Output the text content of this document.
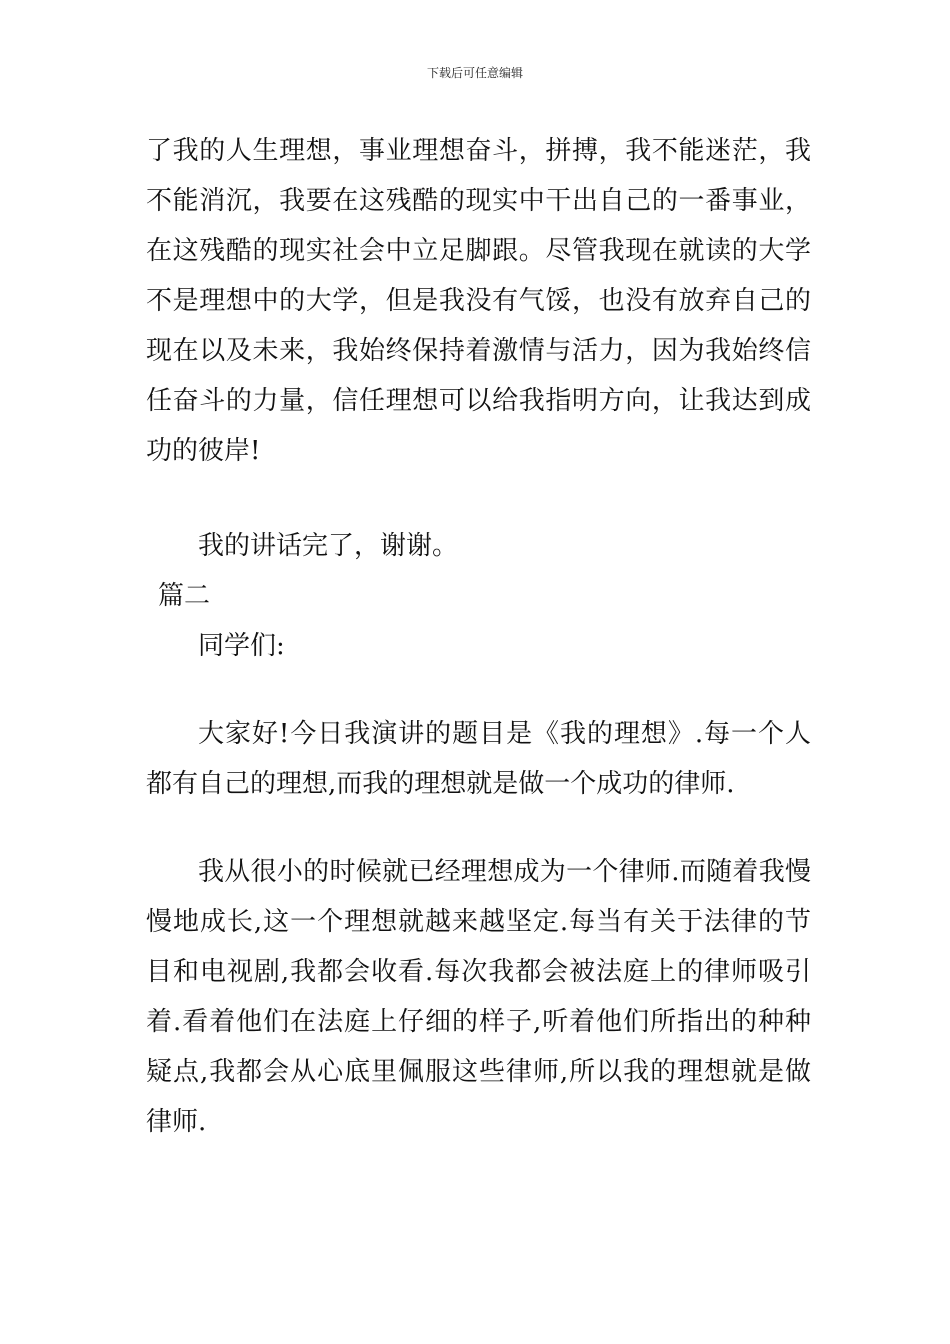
下载后可任意编辑

了我的人生理想，事业理想奋斗，拼搏，我不能迷茫，我不能消沉，我要在这残酷的现实中干出自己的一番事业，在这残酷的现实社会中立足脚跟。尽管我现在就读的大学不是理想中的大学，但是我没有气馁，也没有放弃自己的现在以及未来，我始终保持着激情与活力，因为我始终信任奋斗的力量，信任理想可以给我指明方向，让我达到成功的彼岸!

我的讲话完了，谢谢。

篇二

同学们:

大家好!今日我演讲的题目是《我的理想》.每一个人都有自己的理想,而我的理想就是做一个成功的律师.

我从很小的时候就已经理想成为一个律师.而随着我慢慢地成长,这一个理想就越来越坚定.每当有关于法律的节目和电视剧,我都会收看.每次我都会被法庭上的律师吸引着.看着他们在法庭上仔细的样子,听着他们所指出的种种疑点,我都会从心底里佩服这些律师,所以我的理想就是做律师.
